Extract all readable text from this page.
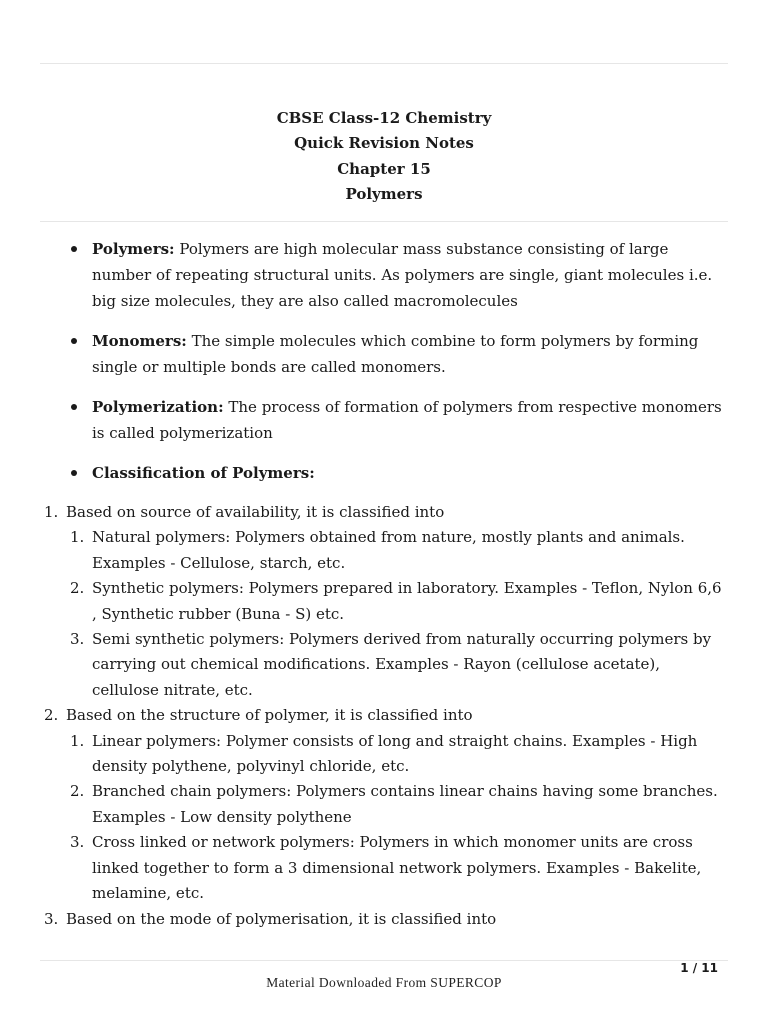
CBSE Class-12 Chemistry
Quick Revision Notes
Chapter 15
Polymers
Polymers: Polymers are high molecular mass substance consisting of large number of repeating structural units. As polymers are single, giant molecules i.e. big size molecules, they are also called macromolecules
Monomers: The simple molecules which combine to form polymers by forming single or multiple bonds are called monomers.
Polymerization: The process of formation of polymers from respective monomers is called polymerization
Classification of Polymers:
1. Based on source of availability, it is classified into
1. Natural polymers: Polymers obtained from nature, mostly plants and animals. Examples - Cellulose, starch, etc.
2. Synthetic polymers: Polymers prepared in laboratory. Examples - Teflon, Nylon 6,6 , Synthetic rubber (Buna - S) etc.
3. Semi synthetic polymers: Polymers derived from naturally occurring polymers by carrying out chemical modifications. Examples - Rayon (cellulose acetate), cellulose nitrate, etc.
2. Based on the structure of polymer, it is classified into
1. Linear polymers: Polymer consists of long and straight chains. Examples - High density polythene, polyvinyl chloride, etc.
2. Branched chain polymers: Polymers contains linear chains having some branches. Examples - Low density polythene
3. Cross linked or network polymers: Polymers in which monomer units are cross linked together to form a 3 dimensional network polymers. Examples - Bakelite, melamine, etc.
3. Based on the mode of polymerisation, it is classified into
1 / 11
Material Downloaded From SUPERCOP
